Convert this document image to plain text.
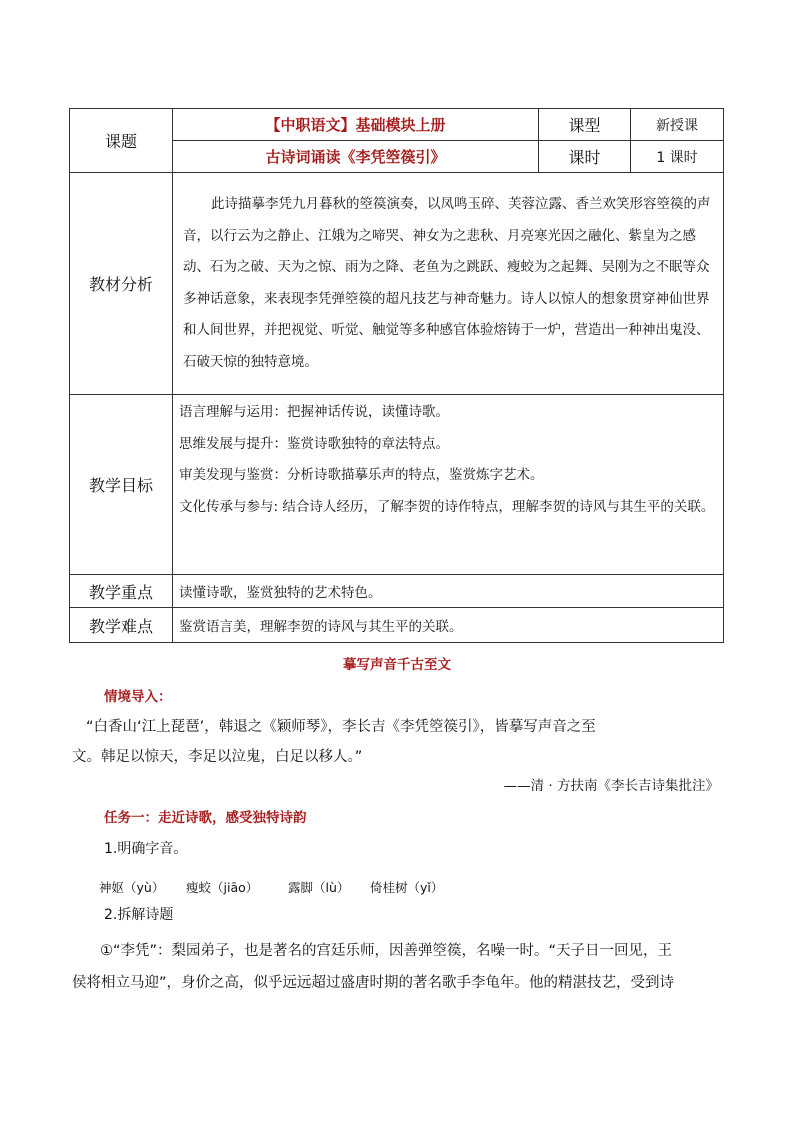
课题	【中职语文】基础模块上册	课型	新授课
	古诗词诵读《李凭箜篌引》	课时	1 课时
教材分析	此诗描摹李凭九月暮秋的箜篌演奏，以凤鸣玉碎、芙蓉泣露、香兰欢笑形容箜篌的声音，以行云为之静止、江娥为之啼哭、神女为之悲秋、月亮寒光因之融化、紫皇为之感动、石为之破、天为之惊、雨为之降、老鱼为之跳跃、瘦蛟为之起舞、吴刚为之不眠等众多神话意象，来表现李凭弹箜篌的超凡技艺与神奇魅力。诗人以惊人的想象贯穿神仙世界和人间世界，并把视觉、听觉、触觉等多种感官体验熔铸于一炉，营造出一种神出鬼没、石破天惊的独特意境。		

教学目标	语言理解与运用：把握神话传说，读懂诗歌。
思维发展与提升：鉴赏诗歌独特的章法特点。
审美发现与鉴赏：分析诗歌描摹乐声的特点，鉴赏炼字艺术。
文化传承与参与: 结合诗人经历，了解李贺的诗作特点，理解李贺的诗风与其生平的关联。		

教学重点	读懂诗歌，鉴赏独特的艺术特色。		
教学难点	鉴赏语言美，理解李贺的诗风与其生平的关联。		
摹写声音千古至文
情境导入：
“白香山‘江上琵琶’，韩退之《颖师琴》，李长吉《李凭箜篌引》，皆摹写声音之至
文。韩足以惊天，李足以泣鬼，白足以移人。”
——清 · 方扶南《李长吉诗集批注》
任务一：走近诗歌，感受独特诗韵
1.明确字音。
神妪（yù） 瘦蛟（jiāo） 露脚（lù） 倚桂树（yǐ）
2.拆解诗题
①“李凭”：梨园弟子，也是著名的宫廷乐师，因善弹箜篌，名噪一时。“天子日一回见，王
侯将相立马迎”，身价之高，似乎远远超过盛唐时期的著名歌手李龟年。他的精湛技艺，受到诗
